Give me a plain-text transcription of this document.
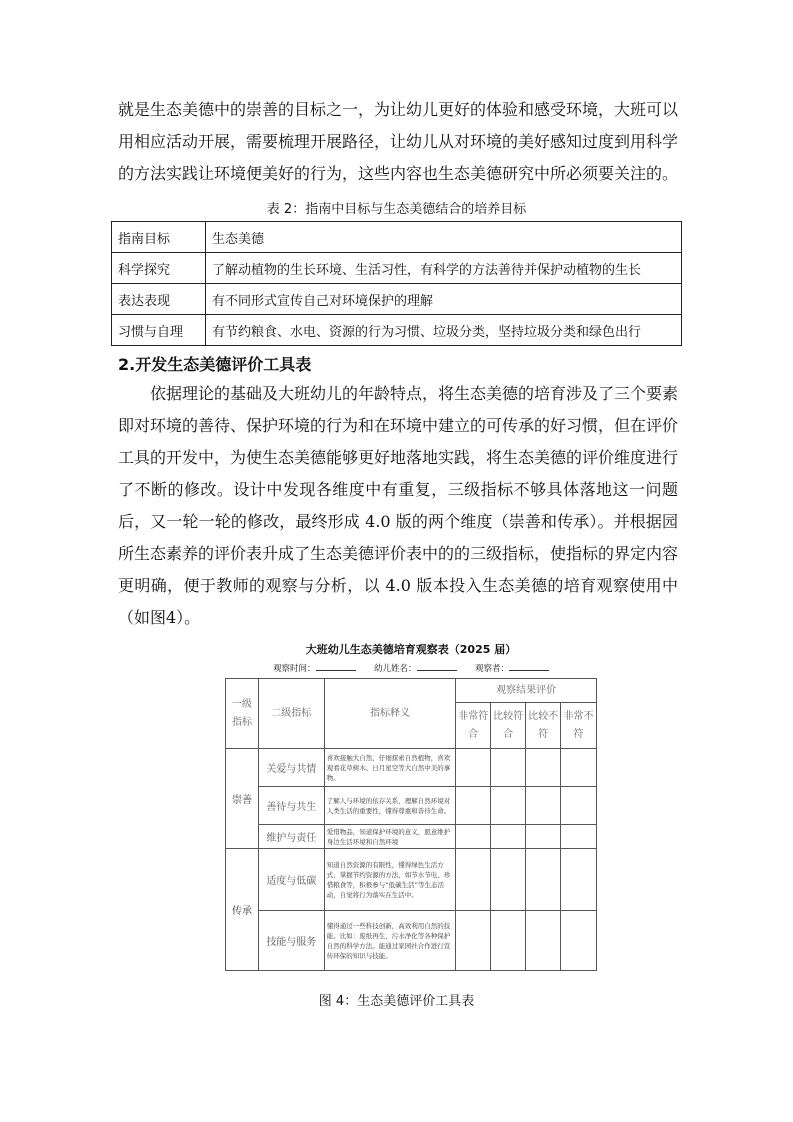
就是生态美德中的崇善的目标之一，为让幼儿更好的体验和感受环境，大班可以用相应活动开展，需要梳理开展路径，让幼儿从对环境的美好感知过度到用科学的方法实践让环境便美好的行为，这些内容也生态美德研究中所必须要关注的。

表 2：指南中目标与生态美德结合的培养目标
指南目标	生态美德
科学探究	了解动植物的生长环境、生活习性，有科学的方法善待并保护动植物的生长
表达表现	有不同形式宣传自己对环境保护的理解
习惯与自理	有节约粮食、水电、资源的行为习惯、垃圾分类，坚持垃圾分类和绿色出行
2.开发生态美德评价工具表

依据理论的基础及大班幼儿的年龄特点，将生态美德的培育涉及了三个要素即对环境的善待、保护环境的行为和在环境中建立的可传承的好习惯，但在评价工具的开发中，为使生态美德能够更好地落地实践，将生态美德的评价维度进行了不断的修改。设计中发现各维度中有重复，三级指标不够具体落地这一问题后，又一轮一轮的修改，最终形成 4.0 版的两个维度（崇善和传承）。并根据园所生态素养的评价表升成了生态美德评价表中的的三级指标，使指标的界定内容更明确，便于教师的观察与分析，以 4.0 版本投入生态美德的培育观察使用中（如图4）。

大班幼儿生态美德培育观察表（2025 届）
观察时间：	幼儿姓名：	观察者：
一级指标	二级指标	指标释义	观察结果评价			
			非常符合	比较符合	比较不符	非常不符
崇善	关爱与共情	喜欢接触大自然，仔细探索自然植物，喜欢观看花草树木、日月星空等大自然中美的事物。				
	善待与共生	了解人与环境的依存关系，理解自然环境对人类生活的重要性，懂得尊重和善待生命。				
	维护与责任	爱惜物品，知道保护环境的意义，愿意维护身边生活环境和自然环境				
传承	适度与低碳	知道自然资源的有限性，懂得绿色生活方式，掌握节约资源的方法，如节水节电、珍惜粮食等，积极参与“低碳生活”等生态活动，自觉将行为落实在生活中。				
	技能与服务	懂得通过一些科技创新，高效利用自然的技能。比如：废纸再生、污水净化等各种保护自然的科学方法。能通过家园社合作进行宣传环保的知识与技能。				
图 4：生态美德评价工具表
